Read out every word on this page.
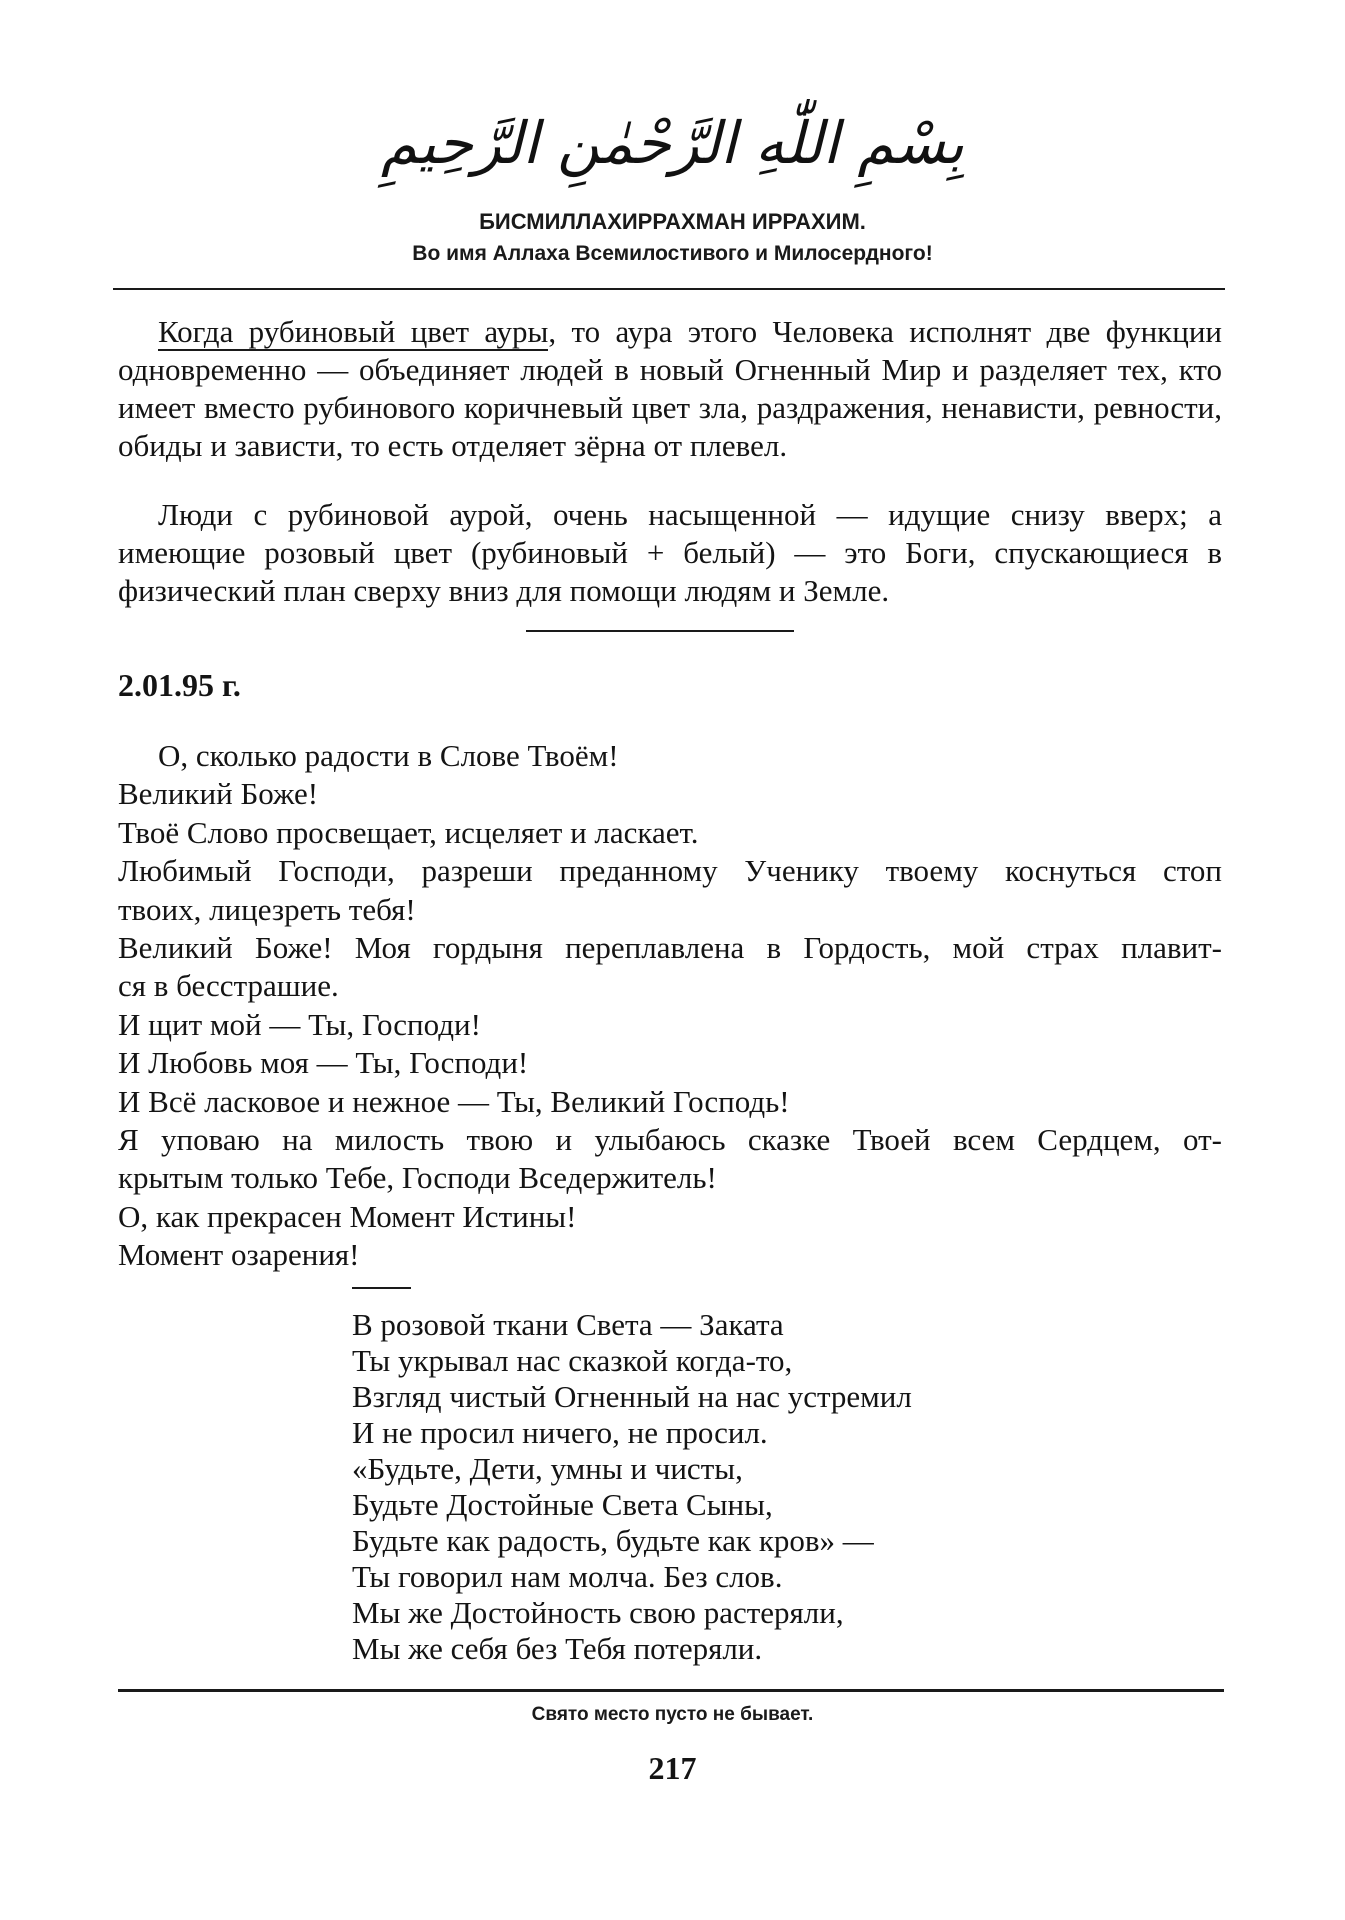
بِسْمِ اللّٰهِ الرَّحْمٰنِ الرَّحِيمِ
БИСМИЛЛАХИРРАХМАН ИРРАХИМ.
Во имя Аллаха Всемилостивого и Милосердного!

Когда рубиновый цвет ауры, то аура этого Человека исполнят две функции одновременно — объединяет людей в новый Огненный Мир и разделяет тех, кто имеет вместо рубинового коричневый цвет зла, раздражения, ненависти, ревности, обиды и зависти, то есть отделяет зёрна от плевел.

Люди с рубиновой аурой, очень насыщенной — идущие снизу вверх; а имеющие розовый цвет (рубиновый + белый) — это Боги, спускающиеся в физический план сверху вниз для помощи людям и Земле.

2.01.95 г.
О, сколько радости в Слове Твоём!
Великий Боже!
Твоё Слово просвещает, исцеляет и ласкает.
Любимый Господи, разреши преданному Ученику твоему коснуться стоп
твоих, лицезреть тебя!
Великий Боже! Моя гордыня переплавлена в Гордость, мой страх плавит-
ся в бесстрашие.
И щит мой — Ты, Господи!
И Любовь моя — Ты, Господи!
И Всё ласковое и нежное — Ты, Великий Господь!
Я уповаю на милость твою и улыбаюсь сказке Твоей всем Сердцем, от-
крытым только Тебе, Господи Вседержитель!
О, как прекрасен Момент Истины!
Момент озарения!
В розовой ткани Света — Заката
Ты укрывал нас сказкой когда-то,
Взгляд чистый Огненный на нас устремил
И не просил ничего, не просил.
«Будьте, Дети, умны и чисты,
Будьте Достойные Света Сыны,
Будьте как радость, будьте как кров» —
Ты говорил нам молча. Без слов.
Мы же Достойность свою растеряли,
Мы же себя без Тебя потеряли.
Свято место пусто не бывает.
217
